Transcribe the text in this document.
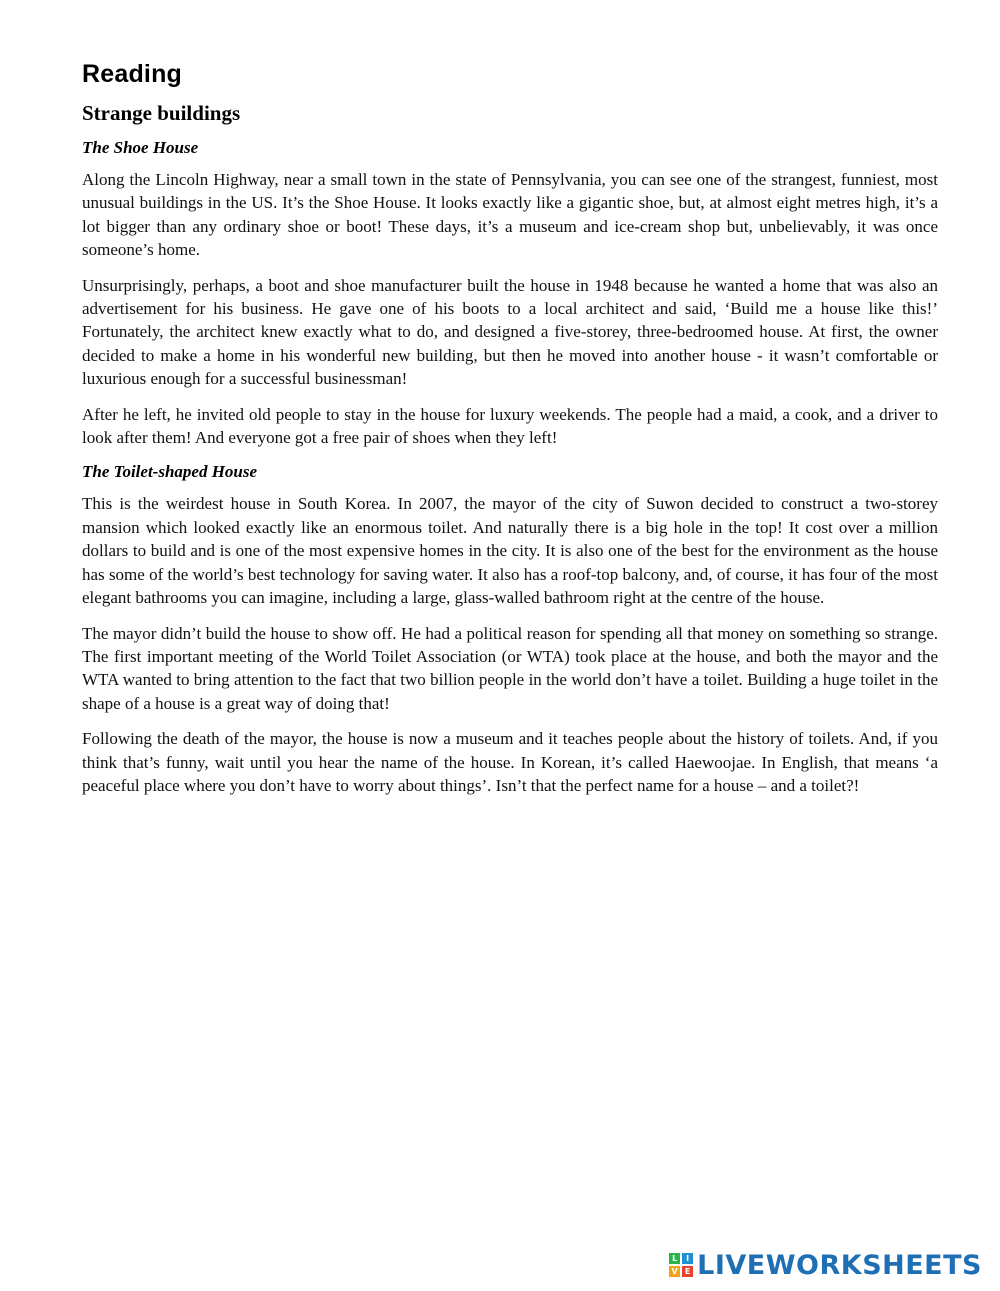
Reading
Strange buildings
The Shoe House

Along the Lincoln Highway, near a small town in the state of Pennsylvania, you can see one of the strangest, funniest, most unusual buildings in the US. It’s the Shoe House. It looks exactly like a gigantic shoe, but, at almost eight metres high, it’s a lot bigger than any ordinary shoe or boot! These days, it’s a museum and ice-cream shop but, unbelievably, it was once someone’s home.

Unsurprisingly, perhaps, a boot and shoe manufacturer built the house in 1948 because he wanted a home that was also an advertisement for his business. He gave one of his boots to a local architect and said, ‘Build me a house like this!’ Fortunately, the architect knew exactly what to do, and designed a five-storey, three-bedroomed house. At first, the owner decided to make a home in his wonderful new building, but then he moved into another house - it wasn’t comfortable or luxurious enough for a successful businessman!

After he left, he invited old people to stay in the house for luxury weekends. The people had a maid, a cook, and a driver to look after them! And everyone got a free pair of shoes when they left!

The Toilet-shaped House

This is the weirdest house in South Korea. In 2007, the mayor of the city of Suwon decided to construct a two-storey mansion which looked exactly like an enormous toilet. And naturally there is a big hole in the top! It cost over a million dollars to build and is one of the most expensive homes in the city. It is also one of the best for the environment as the house has some of the world’s best technology for saving water. It also has a roof-top balcony, and, of course, it has four of the most elegant bathrooms you can imagine, including a large, glass-walled bathroom right at the centre of the house.

The mayor didn’t build the house to show off. He had a political reason for spending all that money on something so strange. The first important meeting of the World Toilet Association (or WTA) took place at the house, and both the mayor and the WTA wanted to bring attention to the fact that two billion people in the world don’t have a toilet. Building a huge toilet in the shape of a house is a great way of doing that!

Following the death of the mayor, the house is now a museum and it teaches people about the history of toilets. And, if you think that’s funny, wait until you hear the name of the house. In Korean, it’s called Haewoojae. In English, that means ‘a peaceful place where you don’t have to worry about things’. Isn’t that the perfect name for a house – and a toilet?!

L	I
V E LIVEWORKSHEETS
